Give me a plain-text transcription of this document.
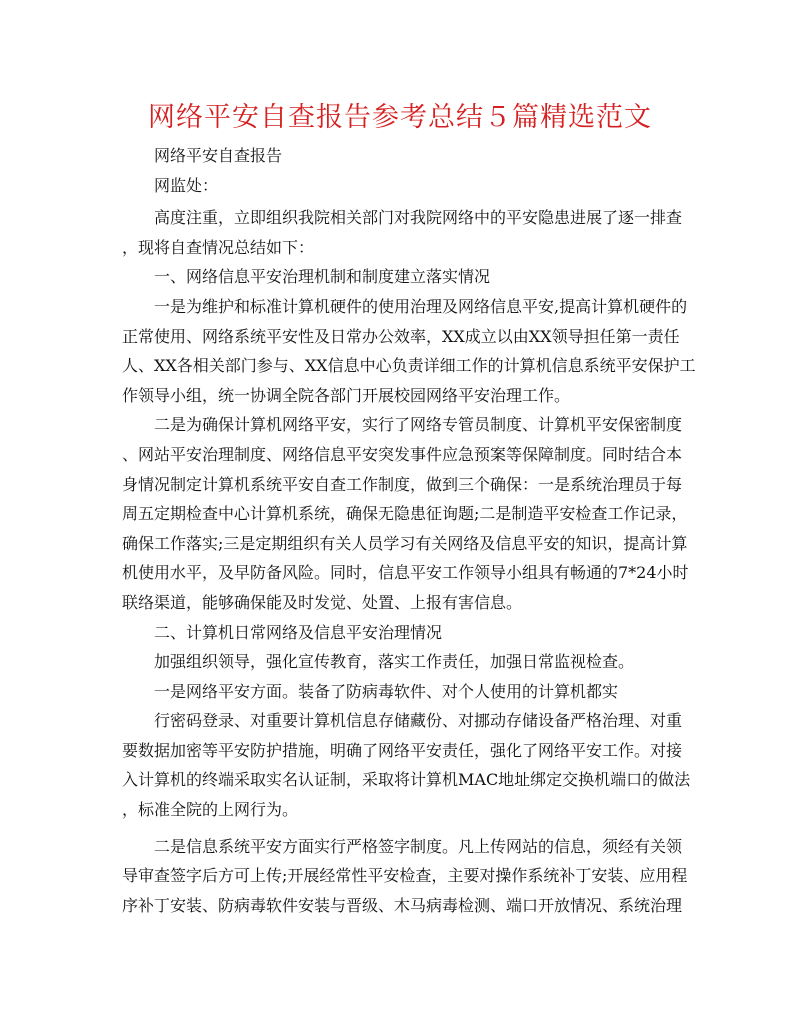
网络平安自查报告参考总结５篇精选范文
　　网络平安自查报告
　　网监处：
　　高度注重，立即组织我院相关部门对我院网络中的平安隐患进展了逐一排查
，现将自查情况总结如下：
　　一、网络信息平安治理机制和制度建立落实情况
　　一是为维护和标准计算机硬件的使用治理及网络信息平安,提高计算机硬件的
正常使用、网络系统平安性及日常办公效率，XX成立以由XX领导担任第一责任
人、XX各相关部门参与、XX信息中心负责详细工作的计算机信息系统平安保护工
作领导小组，统一协调全院各部门开展校园网络平安治理工作。
　　二是为确保计算机网络平安，实行了网络专管员制度、计算机平安保密制度
、网站平安治理制度、网络信息平安突发事件应急预案等保障制度。同时结合本
身情况制定计算机系统平安自查工作制度，做到三个确保：一是系统治理员于每
周五定期检查中心计算机系统，确保无隐患征询题;二是制造平安检查工作记录，
确保工作落实;三是定期组织有关人员学习有关网络及信息平安的知识，提高计算
机使用水平，及早防备风险。同时，信息平安工作领导小组具有畅通的7*24小时
联络渠道，能够确保能及时发觉、处置、上报有害信息。
　　二、计算机日常网络及信息平安治理情况
　　加强组织领导，强化宣传教育，落实工作责任，加强日常监视检查。
　　一是网络平安方面。装备了防病毒软件、对个人使用的计算机都实
　　行密码登录、对重要计算机信息存储藏份、对挪动存储设备严格治理、对重
要数据加密等平安防护措施，明确了网络平安责任，强化了网络平安工作。对接
入计算机的终端采取实名认证制，采取将计算机MAC地址绑定交换机端口的做法
，标准全院的上网行为。
　　二是信息系统平安方面实行严格签字制度。凡上传网站的信息，须经有关领
导审查签字后方可上传;开展经常性平安检查，主要对操作系统补丁安装、应用程
序补丁安装、防病毒软件安装与晋级、木马病毒检测、端口开放情况、系统治理
